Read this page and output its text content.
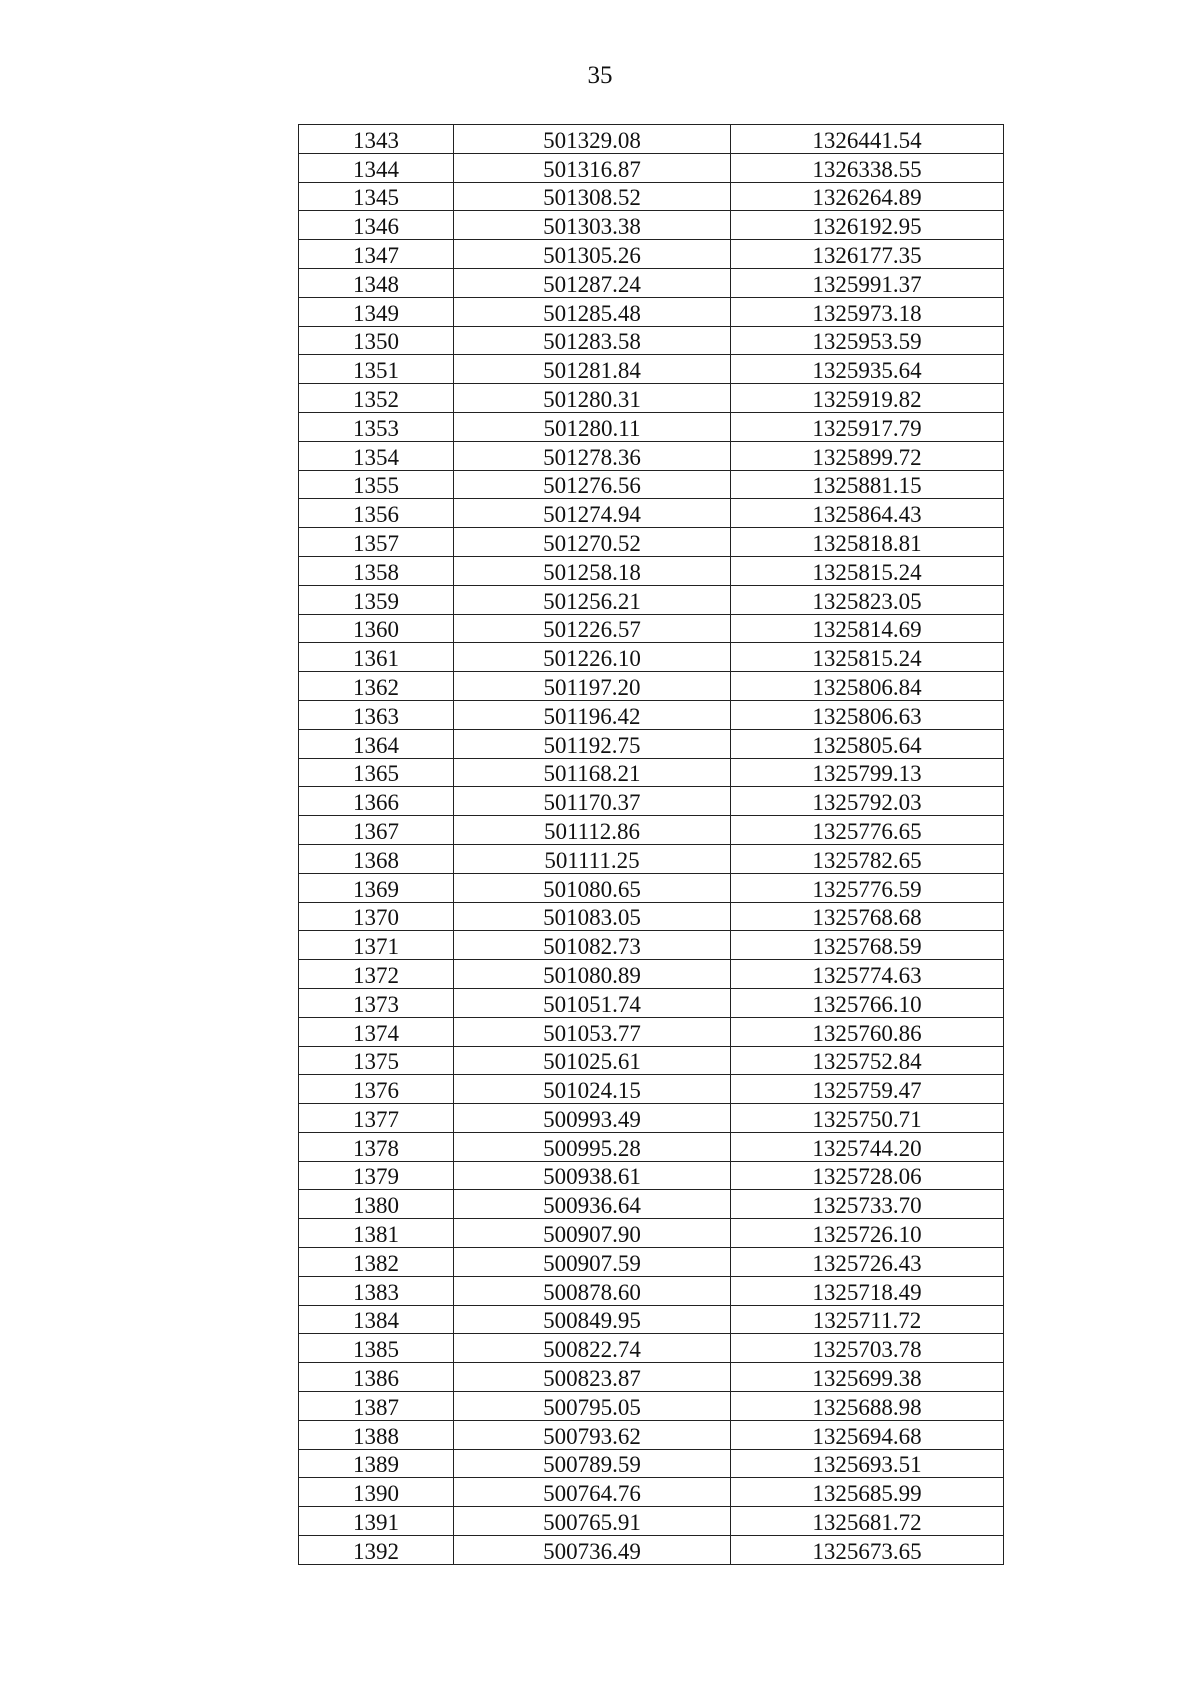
35
1343	501329.08	1326441.54
1344	501316.87	1326338.55
1345	501308.52	1326264.89
1346	501303.38	1326192.95
1347	501305.26	1326177.35
1348	501287.24	1325991.37
1349	501285.48	1325973.18
1350	501283.58	1325953.59
1351	501281.84	1325935.64
1352	501280.31	1325919.82
1353	501280.11	1325917.79
1354	501278.36	1325899.72
1355	501276.56	1325881.15
1356	501274.94	1325864.43
1357	501270.52	1325818.81
1358	501258.18	1325815.24
1359	501256.21	1325823.05
1360	501226.57	1325814.69
1361	501226.10	1325815.24
1362	501197.20	1325806.84
1363	501196.42	1325806.63
1364	501192.75	1325805.64
1365	501168.21	1325799.13
1366	501170.37	1325792.03
1367	501112.86	1325776.65
1368	501111.25	1325782.65
1369	501080.65	1325776.59
1370	501083.05	1325768.68
1371	501082.73	1325768.59
1372	501080.89	1325774.63
1373	501051.74	1325766.10
1374	501053.77	1325760.86
1375	501025.61	1325752.84
1376	501024.15	1325759.47
1377	500993.49	1325750.71
1378	500995.28	1325744.20
1379	500938.61	1325728.06
1380	500936.64	1325733.70
1381	500907.90	1325726.10
1382	500907.59	1325726.43
1383	500878.60	1325718.49
1384	500849.95	1325711.72
1385	500822.74	1325703.78
1386	500823.87	1325699.38
1387	500795.05	1325688.98
1388	500793.62	1325694.68
1389	500789.59	1325693.51
1390	500764.76	1325685.99
1391	500765.91	1325681.72
1392	500736.49	1325673.65
